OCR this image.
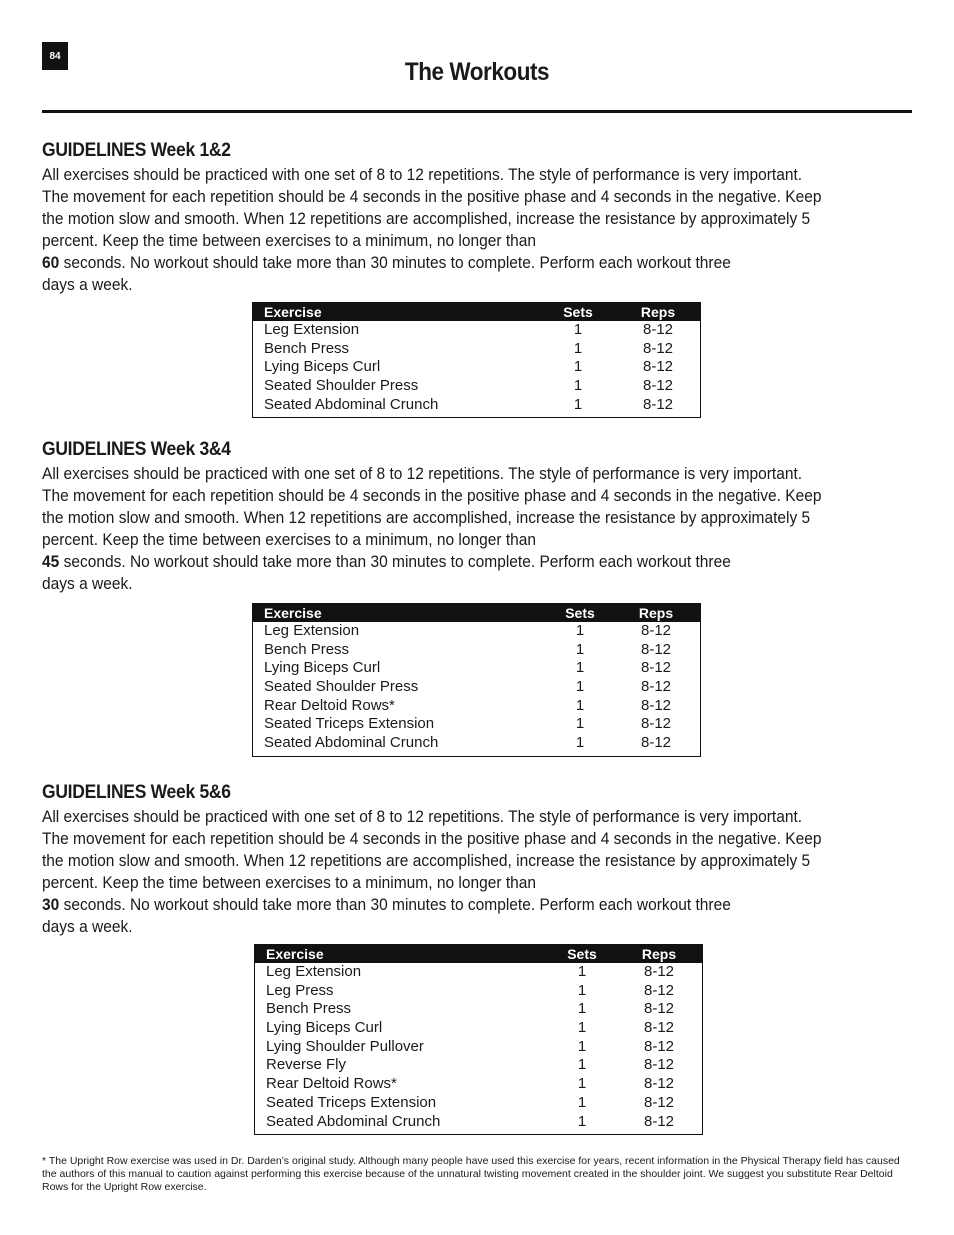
84
The Workouts
GUIDELINES Week 1&2

All exercises should be practiced with one set of 8 to 12 repetitions. The style of performance is very important.
The movement for each repetition should be 4 seconds in the positive phase and 4 seconds in the negative. Keep
the motion slow and smooth. When 12 repetitions are accomplished, increase the resistance by approximately 5
percent. Keep the time between exercises to a minimum, no longer than
60 seconds. No workout should take more than 30 minutes to complete. Perform each workout three
days a week.

GUIDELINES Week 3&4

All exercises should be practiced with one set of 8 to 12 repetitions. The style of performance is very important.
The movement for each repetition should be 4 seconds in the positive phase and 4 seconds in the negative. Keep
the motion slow and smooth. When 12 repetitions are accomplished, increase the resistance by approximately 5
percent. Keep the time between exercises to a minimum, no longer than
45 seconds. No workout should take more than 30 minutes to complete. Perform each workout three
days a week.

GUIDELINES Week 5&6

All exercises should be practiced with one set of 8 to 12 repetitions. The style of performance is very important.
The movement for each repetition should be 4 seconds in the positive phase and 4 seconds in the negative. Keep
the motion slow and smooth. When 12 repetitions are accomplished, increase the resistance by approximately 5
percent. Keep the time between exercises to a minimum, no longer than
30 seconds. No workout should take more than 30 minutes to complete. Perform each workout three
days a week.

* The Upright Row exercise was used in Dr. Darden’s original study. Although many people have used this exercise for years, recent information in the Physical Therapy field has caused the authors of this manual to caution against performing this exercise because of the unnatural twisting movement created in the shoulder joint. We suggest you substitute Rear Deltoid Rows for the Upright Row exercise.

Exercise	Sets	Reps
Leg Extension	1	8-12
Bench Press	1	8-12
Lying Biceps Curl	1	8-12
Seated Shoulder Press	1	8-12
Seated Abdominal Crunch	1	8-12
Exercise	Sets	Reps
Leg Extension	1	8-12
Bench Press	1	8-12
Lying Biceps Curl	1	8-12
Seated Shoulder Press	1	8-12
Rear Deltoid Rows*	1	8-12
Seated Triceps Extension	1	8-12
Seated Abdominal Crunch	1	8-12
Exercise	Sets	Reps
Leg Extension	1	8-12
Leg Press	1	8-12
Bench Press	1	8-12
Lying Biceps Curl	1	8-12
Lying Shoulder Pullover	1	8-12
Reverse Fly	1	8-12
Rear Deltoid Rows*	1	8-12
Seated Triceps Extension	1	8-12
Seated Abdominal Crunch	1	8-12
